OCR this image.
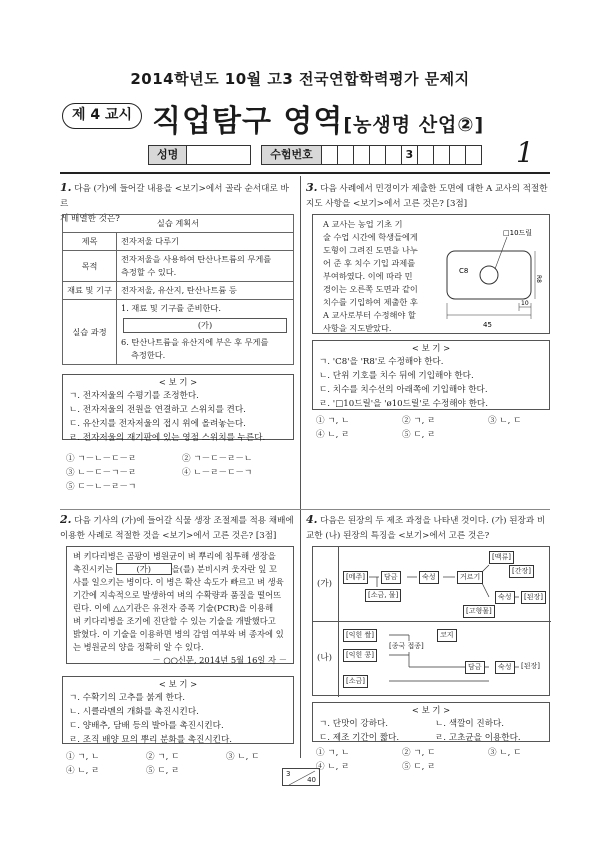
2014학년도 10월 고3 전국연합학력평가 문제지
제 4 교시 직업탐구 영역[농생명 산업②]
성명	수험번호	3	1
1. 다음 (가)에 들어갈 내용을 <보기>에서 골라 순서대로 바르
게 배열한 것은?	실습 계획서	
제목	전자저울 다루기
목적	전자저울을 사용하여 탄산나트륨의 무게를
측정할 수 있다.

재료 및 기구	전자저울, 유산지, 탄산나트륨 등
실습 과정	1. 재료 및 기구를 준비한다.
(가)
6. 탄산나트륨을 유산지에 부은 후 무게를
측정한다.
< 보 기 >
ㄱ. 전자저울의 수평기를 조정한다.
ㄴ. 전자저울의 전원을 연결하고 스위치를 켠다.
ㄷ. 유산지를 전자저울의 접시 위에 올려놓는다.
ㄹ. 전자저울의 재기판에 있는 영점 스위치를 누른다.
① ㄱ－ㄴ－ㄷ－ㄹ	② ㄱ－ㄷ－ㄹ－ㄴ
③ ㄴ－ㄷ－ㄱ－ㄹ	④ ㄴ－ㄹ－ㄷ－ㄱ
⑤ ㄷ－ㄴ－ㄹ－ㄱ
2. 다음 기사의 (가)에 들어갈 식물 생장 조절제를 적용 채배에
이용한 사례로 적절한 것을 <보기>에서 고른 것은? [3점]
벼 키다리병은 곰팡이 병원균이 벼 뿌리에 침투해 생장을
촉진시키는	(가)	을(를) 분비시켜 웃자란 잎 꼬
사를 일으키는 병이다. 이 병은 확산 속도가 빠르고 벼 생육
기간에 지속적으로 발생하여 벼의 수확량과 품질을 떨어뜨
린다. 이에 △△기관은 유전자 증폭 기술(PCR)을 이용해
벼 키다리병을 조기에 진단할 수 있는 기술을 개발했다고
밝혔다. 이 기술을 이용하면 병의 감염 여부와 벼 종자에 있
는 병원균의 양을 정확히 알 수 있다.
－ ○○신문, 2014년 5월 16일 자 －
< 보 기 >
ㄱ. 수확기의 고추를 붉게 한다.
ㄴ. 시클라멘의 개화를 촉진시킨다.
ㄷ. 양배추, 담배 등의 발아를 촉진시킨다.
ㄹ. 조직 배양 묘의 뿌리 분화를 촉진시킨다.
① ㄱ, ㄴ	② ㄱ, ㄷ	③ ㄴ, ㄷ
④ ㄴ, ㄹ	⑤ ㄷ, ㄹ
3. 다음 사례에서 민경이가 제출한 도면에 대한 A 교사의 적절한
지도 사항을 <보기>에서 고른 것은? [3점]
A 교사는 농업 기초 기
술 수업 시간에 학생들에게
도형이 그려진 도면을 나누
어 준 후 치수 기입 과제를
부여하였다. 이에 따라 민
경이는 오른쪽 도면과 같이
치수를 기입하여 제출한 후
A 교사로부터 수정해야 할
사항을 지도받았다.
□10드릴
C8
45
10
R8
< 보 기 >
ㄱ. 'C8'을 'R8'로 수정해야 한다.
ㄴ. 단위 기호를 치수 뒤에 기입해야 한다.
ㄷ. 치수를 치수선의 아래쪽에 기입해야 한다.
ㄹ. '□10드릴'을 'ø10드릴'로 수정해야 한다.
① ㄱ, ㄴ	② ㄱ, ㄹ	③ ㄴ, ㄷ
④ ㄴ, ㄹ	⑤ ㄷ, ㄹ
4. 다음은 된장의 두 제조 과정을 나타낸 것이다. (가) 된장과 비
교한 (나) 된장의 특징을 <보기>에서 고른 것은?
(가)
(나)
[메주]	담금	숙성	거르기
[맥류]
[간장]
[소금, 물]
[고형물]
숙성	[된장]
[익힌 쌀]	코지
[종국 접종]
[익힌 콩]
[소금]
담금	숙성	[된장]
< 보 기 >
ㄱ. 단맛이 강하다.	ㄴ. 색깔이 진하다.
ㄷ. 제조 기간이 짧다.	ㄹ. 고초균을 이용한다.
① ㄱ, ㄴ	② ㄱ, ㄷ	③ ㄴ, ㄷ
④ ㄴ, ㄹ	⑤ ㄷ, ㄹ
3
40
